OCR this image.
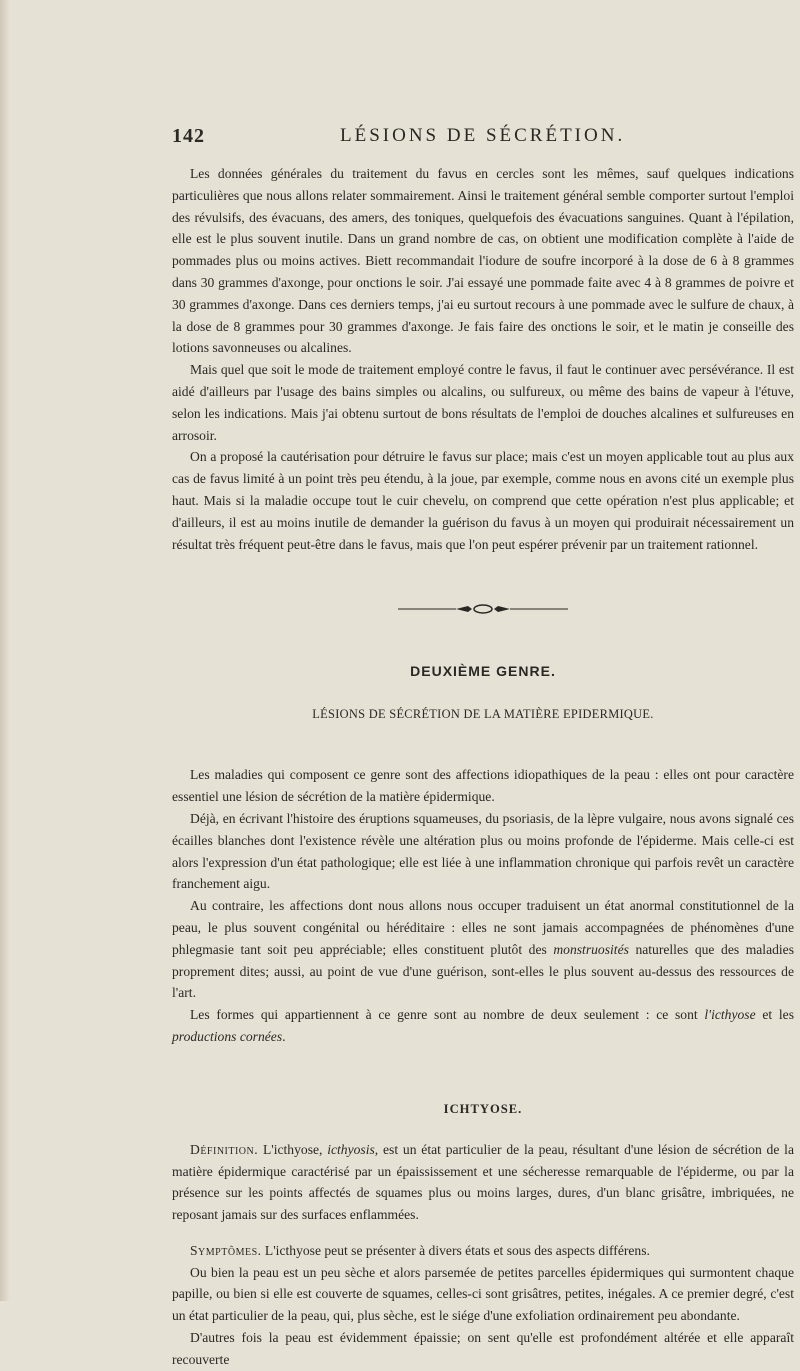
142	LÉSIONS DE SÉCRÉTION.

Les données générales du traitement du favus en cercles sont les mêmes, sauf quelques indications particulières que nous allons relater sommairement. Ainsi le traitement général semble comporter surtout l'emploi des révulsifs, des évacuans, des amers, des toniques, quelquefois des évacuations sanguines. Quant à l'épilation, elle est le plus souvent inutile. Dans un grand nombre de cas, on obtient une modification complète à l'aide de pommades plus ou moins actives. Biett recommandait l'iodure de soufre incorporé à la dose de 6 à 8 grammes dans 30 grammes d'axonge, pour onctions le soir. J'ai essayé une pommade faite avec 4 à 8 grammes de poivre et 30 grammes d'axonge. Dans ces derniers temps, j'ai eu surtout recours à une pommade avec le sulfure de chaux, à la dose de 8 grammes pour 30 grammes d'axonge. Je fais faire des onctions le soir, et le matin je conseille des lotions savonneuses ou alcalines.

Mais quel que soit le mode de traitement employé contre le favus, il faut le continuer avec persévérance. Il est aidé d'ailleurs par l'usage des bains simples ou alcalins, ou sulfureux, ou même des bains de vapeur à l'étuve, selon les indications. Mais j'ai obtenu surtout de bons résultats de l'emploi de douches alcalines et sulfureuses en arrosoir.

On a proposé la cautérisation pour détruire le favus sur place; mais c'est un moyen applicable tout au plus aux cas de favus limité à un point très peu étendu, à la joue, par exemple, comme nous en avons cité un exemple plus haut. Mais si la maladie occupe tout le cuir chevelu, on comprend que cette opération n'est plus applicable; et d'ailleurs, il est au moins inutile de demander la guérison du favus à un moyen qui produirait nécessairement un résultat très fréquent peut-être dans le favus, mais que l'on peut espérer prévenir par un traitement rationnel.

DEUXIÈME GENRE.
LÉSIONS DE SÉCRÉTION DE LA MATIÈRE EPIDERMIQUE.

Les maladies qui composent ce genre sont des affections idiopathiques de la peau : elles ont pour caractère essentiel une lésion de sécrétion de la matière épidermique.

Déjà, en écrivant l'histoire des éruptions squameuses, du psoriasis, de la lèpre vulgaire, nous avons signalé ces écailles blanches dont l'existence révèle une altération plus ou moins profonde de l'épiderme. Mais celle-ci est alors l'expression d'un état pathologique; elle est liée à une inflammation chronique qui parfois revêt un caractère franchement aigu.

Au contraire, les affections dont nous allons nous occuper traduisent un état anormal constitutionnel de la peau, le plus souvent congénital ou héréditaire : elles ne sont jamais accompagnées de phénomènes d'une phlegmasie tant soit peu appréciable; elles constituent plutôt des monstruosités naturelles que des maladies proprement dites; aussi, au point de vue d'une guérison, sont-elles le plus souvent au-dessus des ressources de l'art.

Les formes qui appartiennent à ce genre sont au nombre de deux seulement : ce sont l'icthyose et les productions cornées.

ICHTYOSE.

Définition. L'icthyose, icthyosis, est un état particulier de la peau, résultant d'une lésion de sécrétion de la matière épidermique caractérisé par un épaississement et une sécheresse remarquable de l'épiderme, ou par la présence sur les points affectés de squames plus ou moins larges, dures, d'un blanc grisâtre, imbriquées, ne reposant jamais sur des surfaces enflammées.

Symptômes. L'icthyose peut se présenter à divers états et sous des aspects différens.

Ou bien la peau est un peu sèche et alors parsemée de petites parcelles épidermiques qui surmontent chaque papille, ou bien si elle est couverte de squames, celles-ci sont grisâtres, petites, inégales. A ce premier degré, c'est un état particulier de la peau, qui, plus sèche, est le siége d'une exfoliation ordinairement peu abondante.

D'autres fois la peau est évidemment épaissie; on sent qu'elle est profondément altérée et elle apparaît recouverte
